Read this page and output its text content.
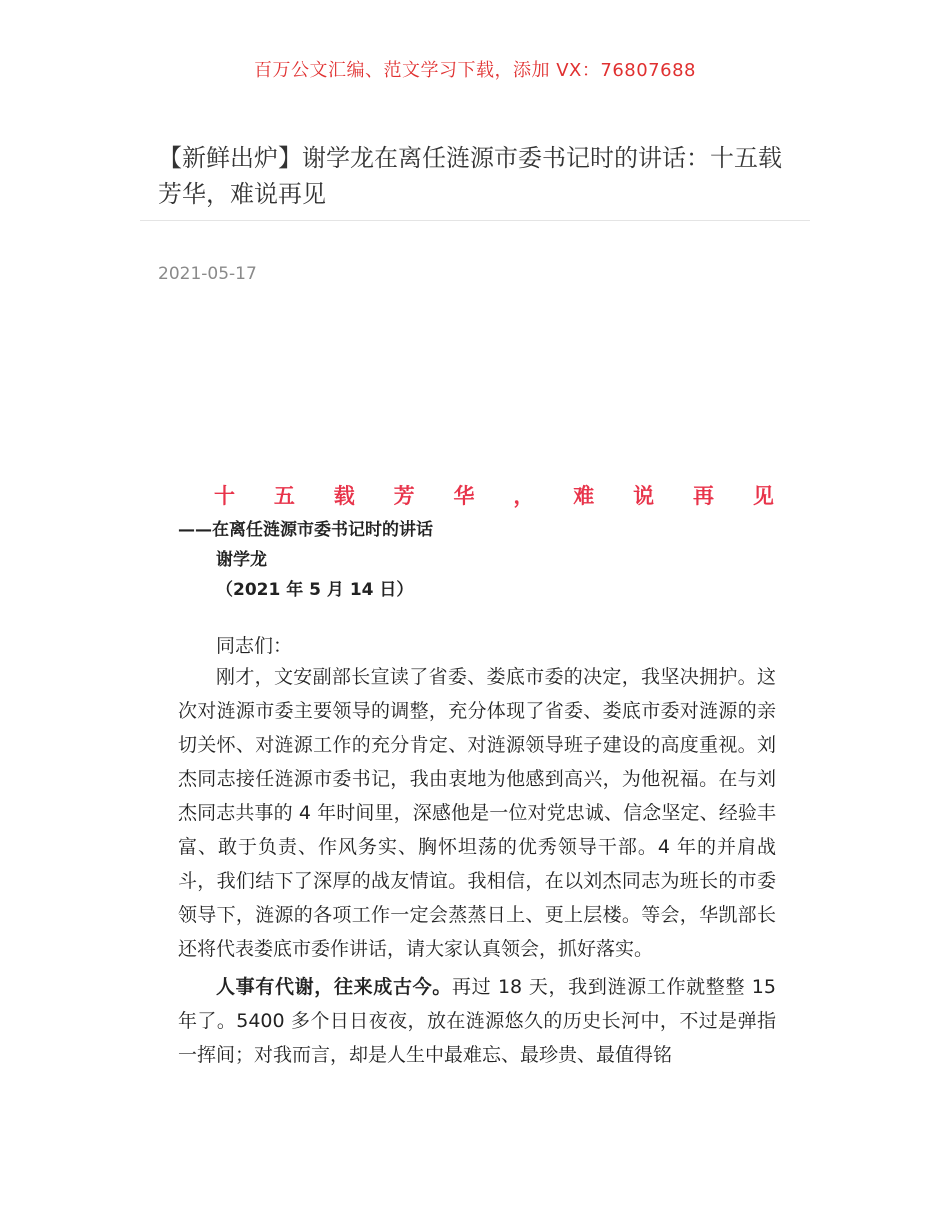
百万公文汇编、范文学习下载，添加 VX：76807688
【新鲜出炉】谢学龙在离任涟源市委书记时的讲话：十五载芳华，难说再见
2021-05-17
十 五 载 芳 华 ， 难 说 再 见
——在离任涟源市委书记时的讲话
谢学龙
（2021 年 5 月 14 日）
同志们：

刚才，文安副部长宣读了省委、娄底市委的决定，我坚决拥护。这次对涟源市委主要领导的调整，充分体现了省委、娄底市委对涟源的亲切关怀、对涟源工作的充分肯定、对涟源领导班子建设的高度重视。刘杰同志接任涟源市委书记，我由衷地为他感到高兴，为他祝福。在与刘杰同志共事的 4 年时间里，深感他是一位对党忠诚、信念坚定、经验丰富、敢于负责、作风务实、胸怀坦荡的优秀领导干部。4 年的并肩战斗，我们结下了深厚的战友情谊。我相信，在以刘杰同志为班长的市委领导下，涟源的各项工作一定会蒸蒸日上、更上层楼。等会，华凯部长还将代表娄底市委作讲话，请大家认真领会，抓好落实。

人事有代谢，往来成古今。再过 18 天，我到涟源工作就整整 15 年了。5400 多个日日夜夜，放在涟源悠久的历史长河中，不过是弹指一挥间；对我而言，却是人生中最难忘、最珍贵、最值得铭
